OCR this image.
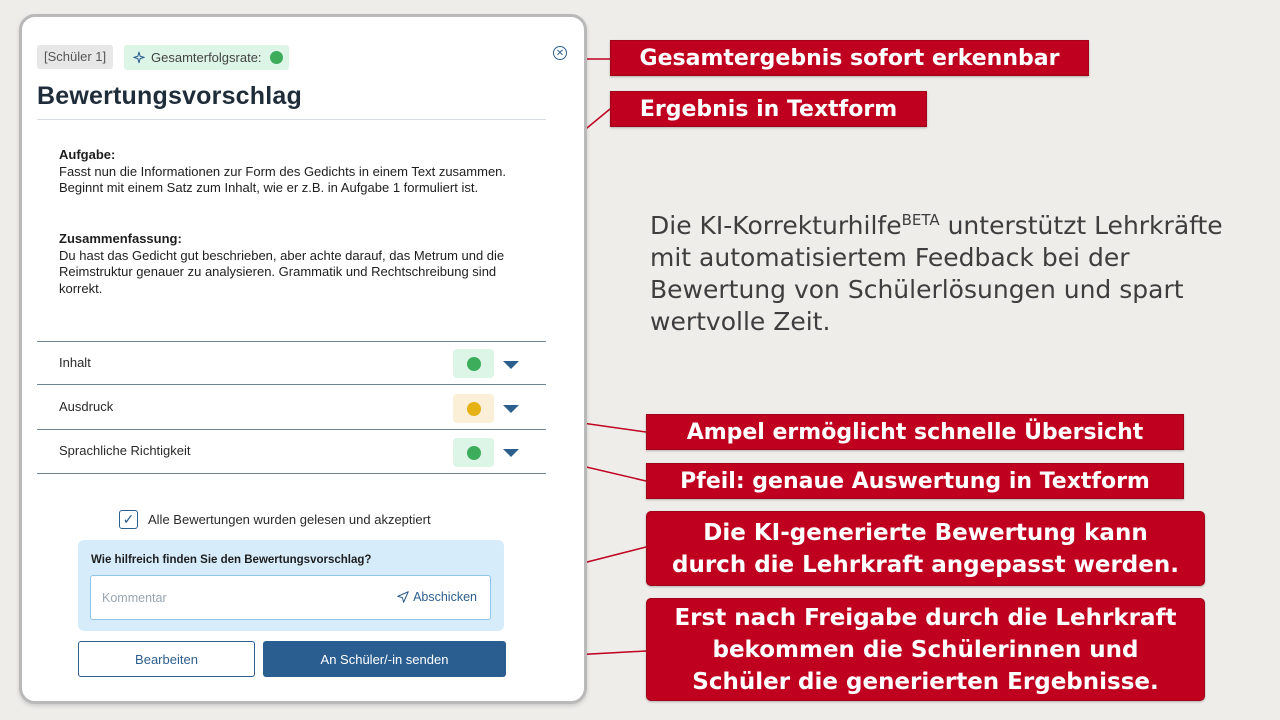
[Schüler 1]	Gesamterfolgsrate:	✕
Bewertungsvorschlag
Aufgabe:
Fasst nun die Informationen zur Form des Gedichts in einem Text zusammen. Beginnt mit einem Satz zum Inhalt, wie er z.B. in Aufgabe 1 formuliert ist.
Zusammenfassung:
Du hast das Gedicht gut beschrieben, aber achte darauf, das Metrum und die Reimstruktur genauer zu analysieren. Grammatik und Rechtschreibung sind korrekt.
Inhalt
Ausdruck
Sprachliche Richtigkeit
✓ Alle Bewertungen wurden gelesen und akzeptiert
Wie hilfreich finden Sie den Bewertungsvorschlag?
Kommentar	Abschicken
Bearbeiten	An Schüler/-in senden
Gesamtergebnis sofort erkennbar
Ergebnis in Textform
Ampel ermöglicht schnelle Übersicht
Pfeil: genaue Auswertung in Textform
Die KI-generierte Bewertung kann
durch die Lehrkraft angepasst werden.
Erst nach Freigabe durch die Lehrkraft
bekommen die Schülerinnen und
Schüler die generierten Ergebnisse.
Die KI-Korrekturhilfe$^{BETA}$ unterstützt Lehrkräfte mit automatisiertem Feedback bei der Bewertung von Schülerlösungen und spart wertvolle Zeit.
